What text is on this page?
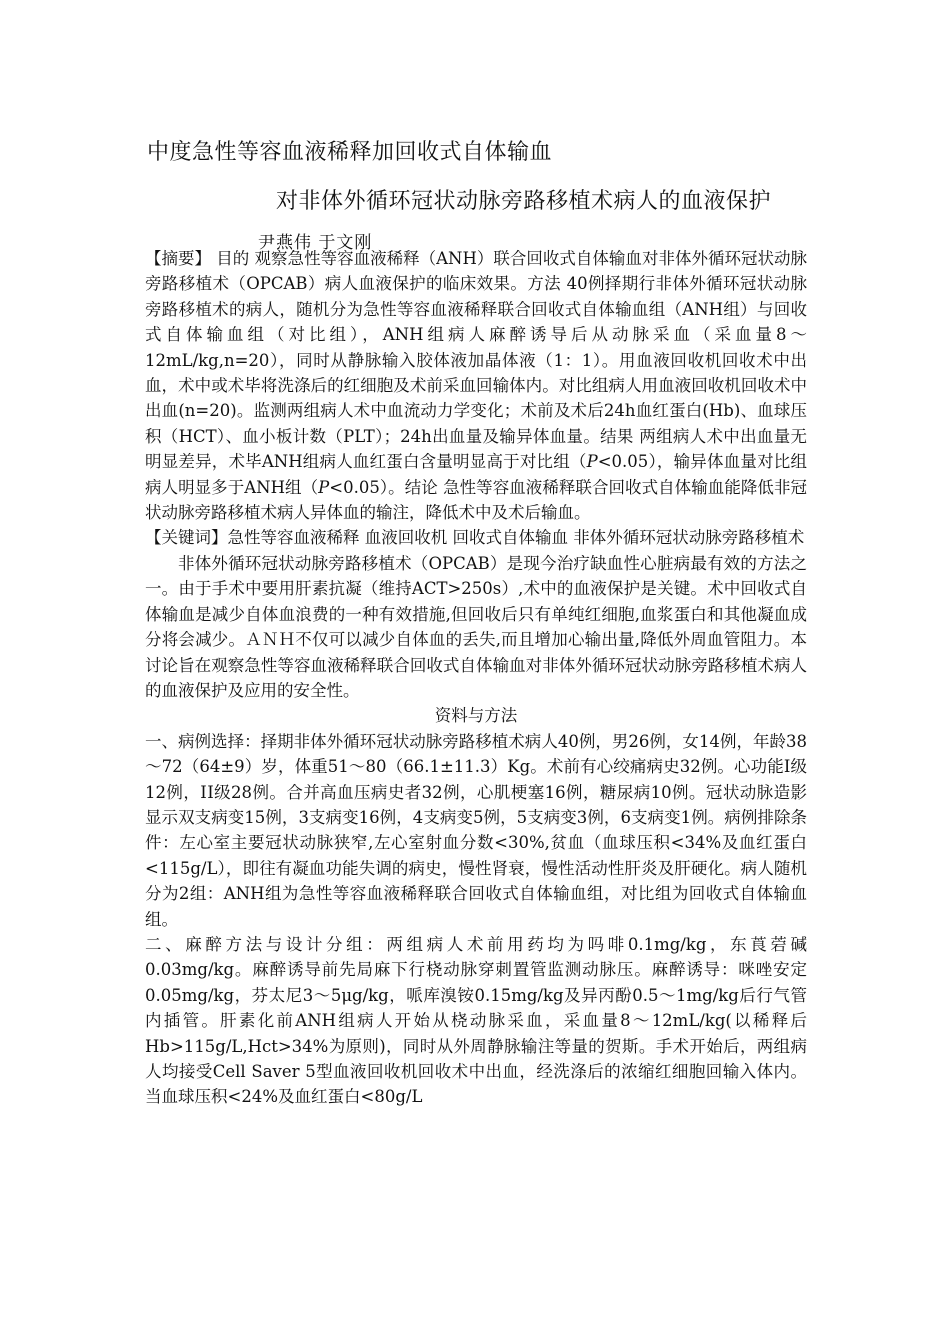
中度急性等容血液稀释加回收式自体输血
对非体外循环冠状动脉旁路移植术病人的血液保护
尹燕伟 于文刚

【摘要】 目的 观察急性等容血液稀释（ANH）联合回收式自体输血对非体外循环冠状动脉旁路移植术（OPCAB）病人血液保护的临床效果。方法 40例择期行非体外循环冠状动脉旁路移植术的病人，随机分为急性等容血液稀释联合回收式自体输血组（ANH组）与回收式自体输血组（对比组），ANH组病人麻醉诱导后从动脉采血（采血量8～12mL/kg,n=20），同时从静脉输入胶体液加晶体液（1：1）。用血液回收机回收术中出血，术中或术毕将洗涤后的红细胞及术前采血回输体内。对比组病人用血液回收机回收术中出血(n=20)。监测两组病人术中血流动力学变化；术前及术后24h血红蛋白(Hb)、血球压积（HCT）、血小板计数（PLT）；24h出血量及输异体血量。结果 两组病人术中出血量无明显差异，术毕ANH组病人血红蛋白含量明显高于对比组（P<0.05），输异体血量对比组病人明显多于ANH组（P<0.05）。结论 急性等容血液稀释联合回收式自体输血能降低非冠状动脉旁路移植术病人异体血的输注，降低术中及术后输血。

【关键词】急性等容血液稀释 血液回收机 回收式自体输血 非体外循环冠状动脉旁路移植术

非体外循环冠状动脉旁路移植术（OPCAB）是现今治疗缺血性心脏病最有效的方法之一。由于手术中要用肝素抗凝（维持ACT>250s）,术中的血液保护是关键。术中回收式自体输血是减少自体血浪费的一种有效措施,但回收后只有单纯红细胞,血浆蛋白和其他凝血成分将会减少。ＡＮＨ不仅可以减少自体血的丢失,而且增加心输出量,降低外周血管阻力。本讨论旨在观察急性等容血液稀释联合回收式自体输血对非体外循环冠状动脉旁路移植术病人的血液保护及应用的安全性。

资料与方法

一、病例选择：择期非体外循环冠状动脉旁路移植术病人40例，男26例，女14例，年龄38～72（64±9）岁，体重51～80（66.1±11.3）Kg。术前有心绞痛病史32例。心功能Ⅰ级12例，ⅠⅠ级28例。合并高血压病史者32例，心肌梗塞16例，糖尿病10例。冠状动脉造影显示双支病变15例，3支病变16例，4支病变5例，5支病变3例，6支病变1例。病例排除条件：左心室主要冠状动脉狭窄,左心室射血分数<30%,贫血（血球压积<34%及血红蛋白<115g/L），即往有凝血功能失调的病史，慢性肾衰，慢性活动性肝炎及肝硬化。病人随机分为2组：ANH组为急性等容血液稀释联合回收式自体输血组，对比组为回收式自体输血组。

二、麻醉方法与设计分组：两组病人术前用药均为吗啡0.1mg/kg，东莨菪碱0.03mg/kg。麻醉诱导前先局麻下行桡动脉穿刺置管监测动脉压。麻醉诱导：咪唑安定0.05mg/kg，芬太尼3～5μg/kg，哌库溴铵0.15mg/kg及异丙酚0.5～1mg/kg后行气管内插管。肝素化前ANH组病人开始从桡动脉采血，采血量8～12mL/kg(以稀释后Hb>115g/L,Hct>34%为原则)，同时从外周静脉输注等量的贺斯。手术开始后，两组病人均接受Cell Saver 5型血液回收机回收术中出血，经洗涤后的浓缩红细胞回输入体内。当血球压积<24%及血红蛋白<80g/L
